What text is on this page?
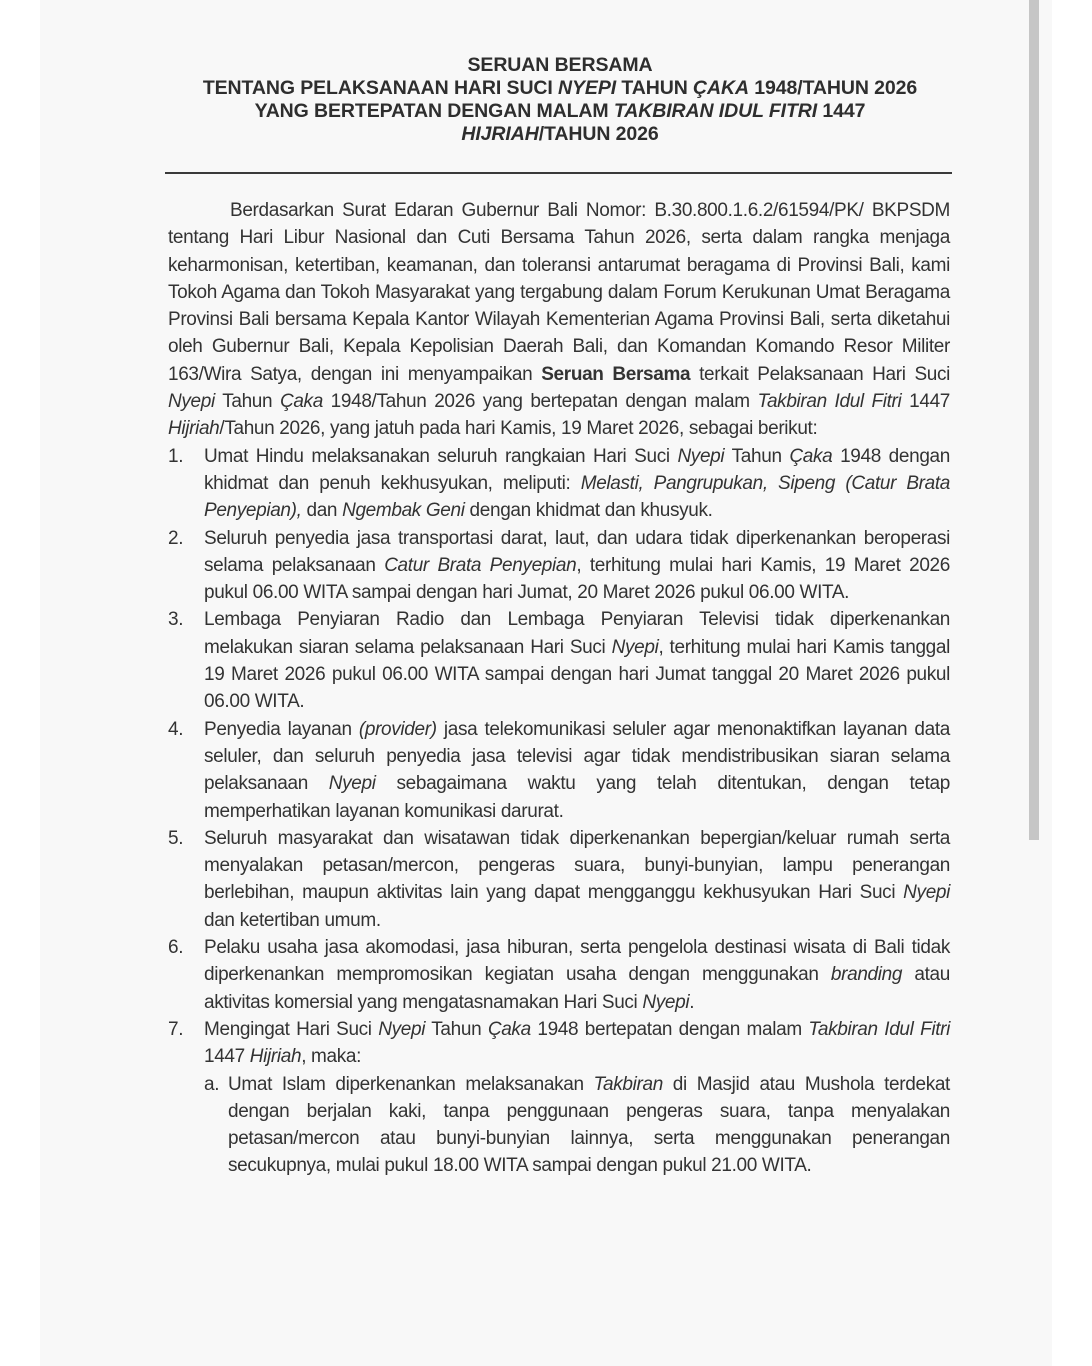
SERUAN BERSAMA
TENTANG PELAKSANAAN HARI SUCI NYEPI TAHUN ÇAKA 1948/TAHUN 2026
YANG BERTEPATAN DENGAN MALAM TAKBIRAN IDUL FITRI 1447
HIJRIAH/TAHUN 2026

Berdasarkan Surat Edaran Gubernur Bali Nomor: B.30.800.1.6.2/61594/PK/ BKPSDM tentang Hari Libur Nasional dan Cuti Bersama Tahun 2026, serta dalam rangka menjaga keharmonisan, ketertiban, keamanan, dan toleransi antarumat beragama di Provinsi Bali, kami Tokoh Agama dan Tokoh Masyarakat yang tergabung dalam Forum Kerukunan Umat Beragama Provinsi Bali bersama Kepala Kantor Wilayah Kementerian Agama Provinsi Bali, serta diketahui oleh Gubernur Bali, Kepala Kepolisian Daerah Bali, dan Komandan Komando Resor Militer 163/Wira Satya, dengan ini menyampaikan Seruan Bersama terkait Pelaksanaan Hari Suci Nyepi Tahun Çaka 1948/Tahun 2026 yang bertepatan dengan malam Takbiran Idul Fitri 1447 Hijriah/Tahun 2026, yang jatuh pada hari Kamis, 19 Maret 2026, sebagai berikut:

1. Umat Hindu melaksanakan seluruh rangkaian Hari Suci Nyepi Tahun Çaka 1948 dengan khidmat dan penuh kekhusyukan, meliputi: Melasti, Pangrupukan, Sipeng (Catur Brata Penyepian), dan Ngembak Geni dengan khidmat dan khusyuk.
2. Seluruh penyedia jasa transportasi darat, laut, dan udara tidak diperkenankan beroperasi selama pelaksanaan Catur Brata Penyepian, terhitung mulai hari Kamis, 19 Maret 2026 pukul 06.00 WITA sampai dengan hari Jumat, 20 Maret 2026 pukul 06.00 WITA.
3. Lembaga Penyiaran Radio dan Lembaga Penyiaran Televisi tidak diperkenankan melakukan siaran selama pelaksanaan Hari Suci Nyepi, terhitung mulai hari Kamis tanggal 19 Maret 2026 pukul 06.00 WITA sampai dengan hari Jumat tanggal 20 Maret 2026 pukul 06.00 WITA.
4. Penyedia layanan (provider) jasa telekomunikasi seluler agar menonaktifkan layanan data seluler, dan seluruh penyedia jasa televisi agar tidak mendistribusikan siaran selama pelaksanaan Nyepi sebagaimana waktu yang telah ditentukan, dengan tetap memperhatikan layanan komunikasi darurat.
5. Seluruh masyarakat dan wisatawan tidak diperkenankan bepergian/keluar rumah serta menyalakan petasan/mercon, pengeras suara, bunyi-bunyian, lampu penerangan berlebihan, maupun aktivitas lain yang dapat mengganggu kekhusyukan Hari Suci Nyepi dan ketertiban umum.
6. Pelaku usaha jasa akomodasi, jasa hiburan, serta pengelola destinasi wisata di Bali tidak diperkenankan mempromosikan kegiatan usaha dengan menggunakan branding atau aktivitas komersial yang mengatasnamakan Hari Suci Nyepi.
7. Mengingat Hari Suci Nyepi Tahun Çaka 1948 bertepatan dengan malam Takbiran Idul Fitri 1447 Hijriah, maka:
a. Umat Islam diperkenankan melaksanakan Takbiran di Masjid atau Mushola terdekat dengan berjalan kaki, tanpa penggunaan pengeras suara, tanpa menyalakan petasan/mercon atau bunyi-bunyian lainnya, serta menggunakan penerangan secukupnya, mulai pukul 18.00 WITA sampai dengan pukul 21.00 WITA.
